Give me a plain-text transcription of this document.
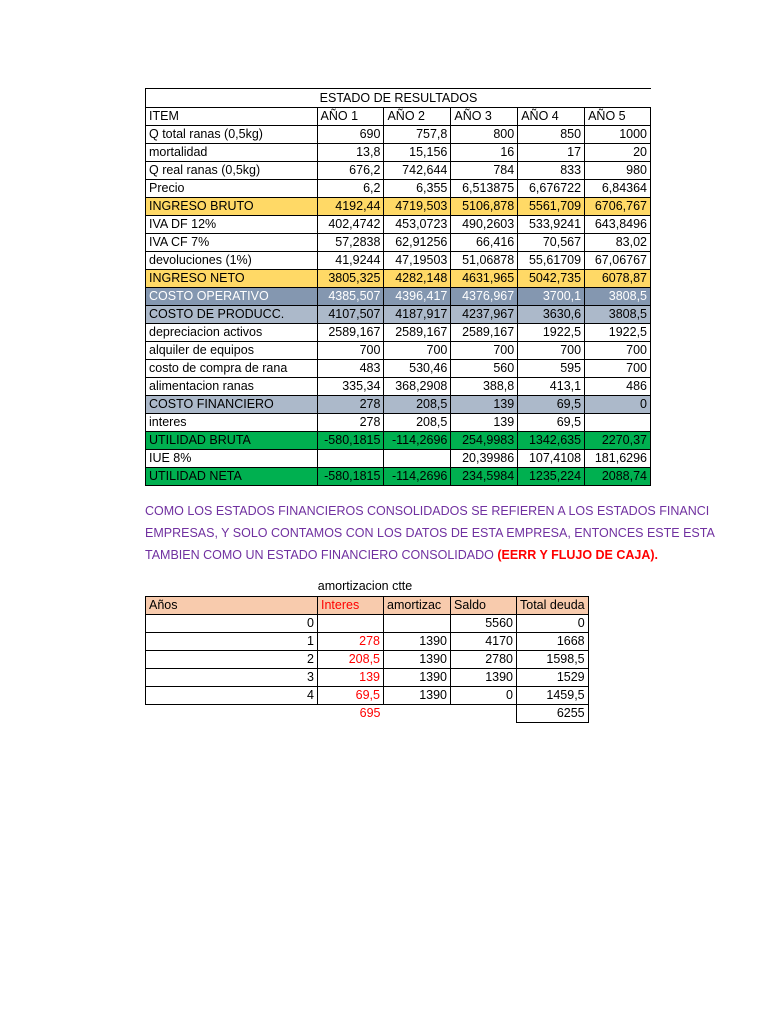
ESTADO DE RESULTADOS
ITEM	AÑO 1	AÑO 2	AÑO 3	AÑO 4	AÑO 5
Q total ranas (0,5kg)	690	757,8	800	850	1000
mortalidad	13,8	15,156	16	17	20
Q real ranas (0,5kg)	676,2	742,644	784	833	980
Precio	6,2	6,355	6,513875	6,676722	6,84364
INGRESO BRUTO	4192,44	4719,503	5106,878	5561,709	6706,767
IVA DF 12%	402,4742	453,0723	490,2603	533,9241	643,8496
IVA CF 7%	57,2838	62,91256	66,416	70,567	83,02
devoluciones (1%)	41,9244	47,19503	51,06878	55,61709	67,06767
INGRESO NETO	3805,325	4282,148	4631,965	5042,735	6078,87
COSTO OPERATIVO	4385,507	4396,417	4376,967	3700,1	3808,5
COSTO DE PRODUCC.	4107,507	4187,917	4237,967	3630,6	3808,5
depreciacion activos	2589,167	2589,167	2589,167	1922,5	1922,5
alquiler de equipos	700	700	700	700	700
costo de compra de rana	483	530,46	560	595	700
alimentacion ranas	335,34	368,2908	388,8	413,1	486
COSTO FINANCIERO	278	208,5	139	69,5	0
interes	278	208,5	139	69,5	
UTILIDAD BRUTA	-580,1815	-114,2696	254,9983	1342,635	2270,37
IUE 8%			20,39986	107,4108	181,6296
UTILIDAD NETA	-580,1815	-114,2696	234,5984	1235,224	2088,74
COMO LOS ESTADOS FINANCIEROS CONSOLIDADOS SE REFIEREN A LOS ESTADOS FINANCI
EMPRESAS, Y SOLO CONTAMOS CON LOS DATOS DE ESTA EMPRESA, ENTONCES ESTE ESTA
TAMBIEN COMO UN ESTADO FINANCIERO CONSOLIDADO (EERR Y FLUJO DE CAJA).
amortizacion ctte
Años	Interes	amortizac	Saldo	Total deuda
0			5560	0
1	278	1390	4170	1668
2	208,5	1390	2780	1598,5
3	139	1390	1390	1529
4	69,5	1390	0	1459,5
	695			6255
